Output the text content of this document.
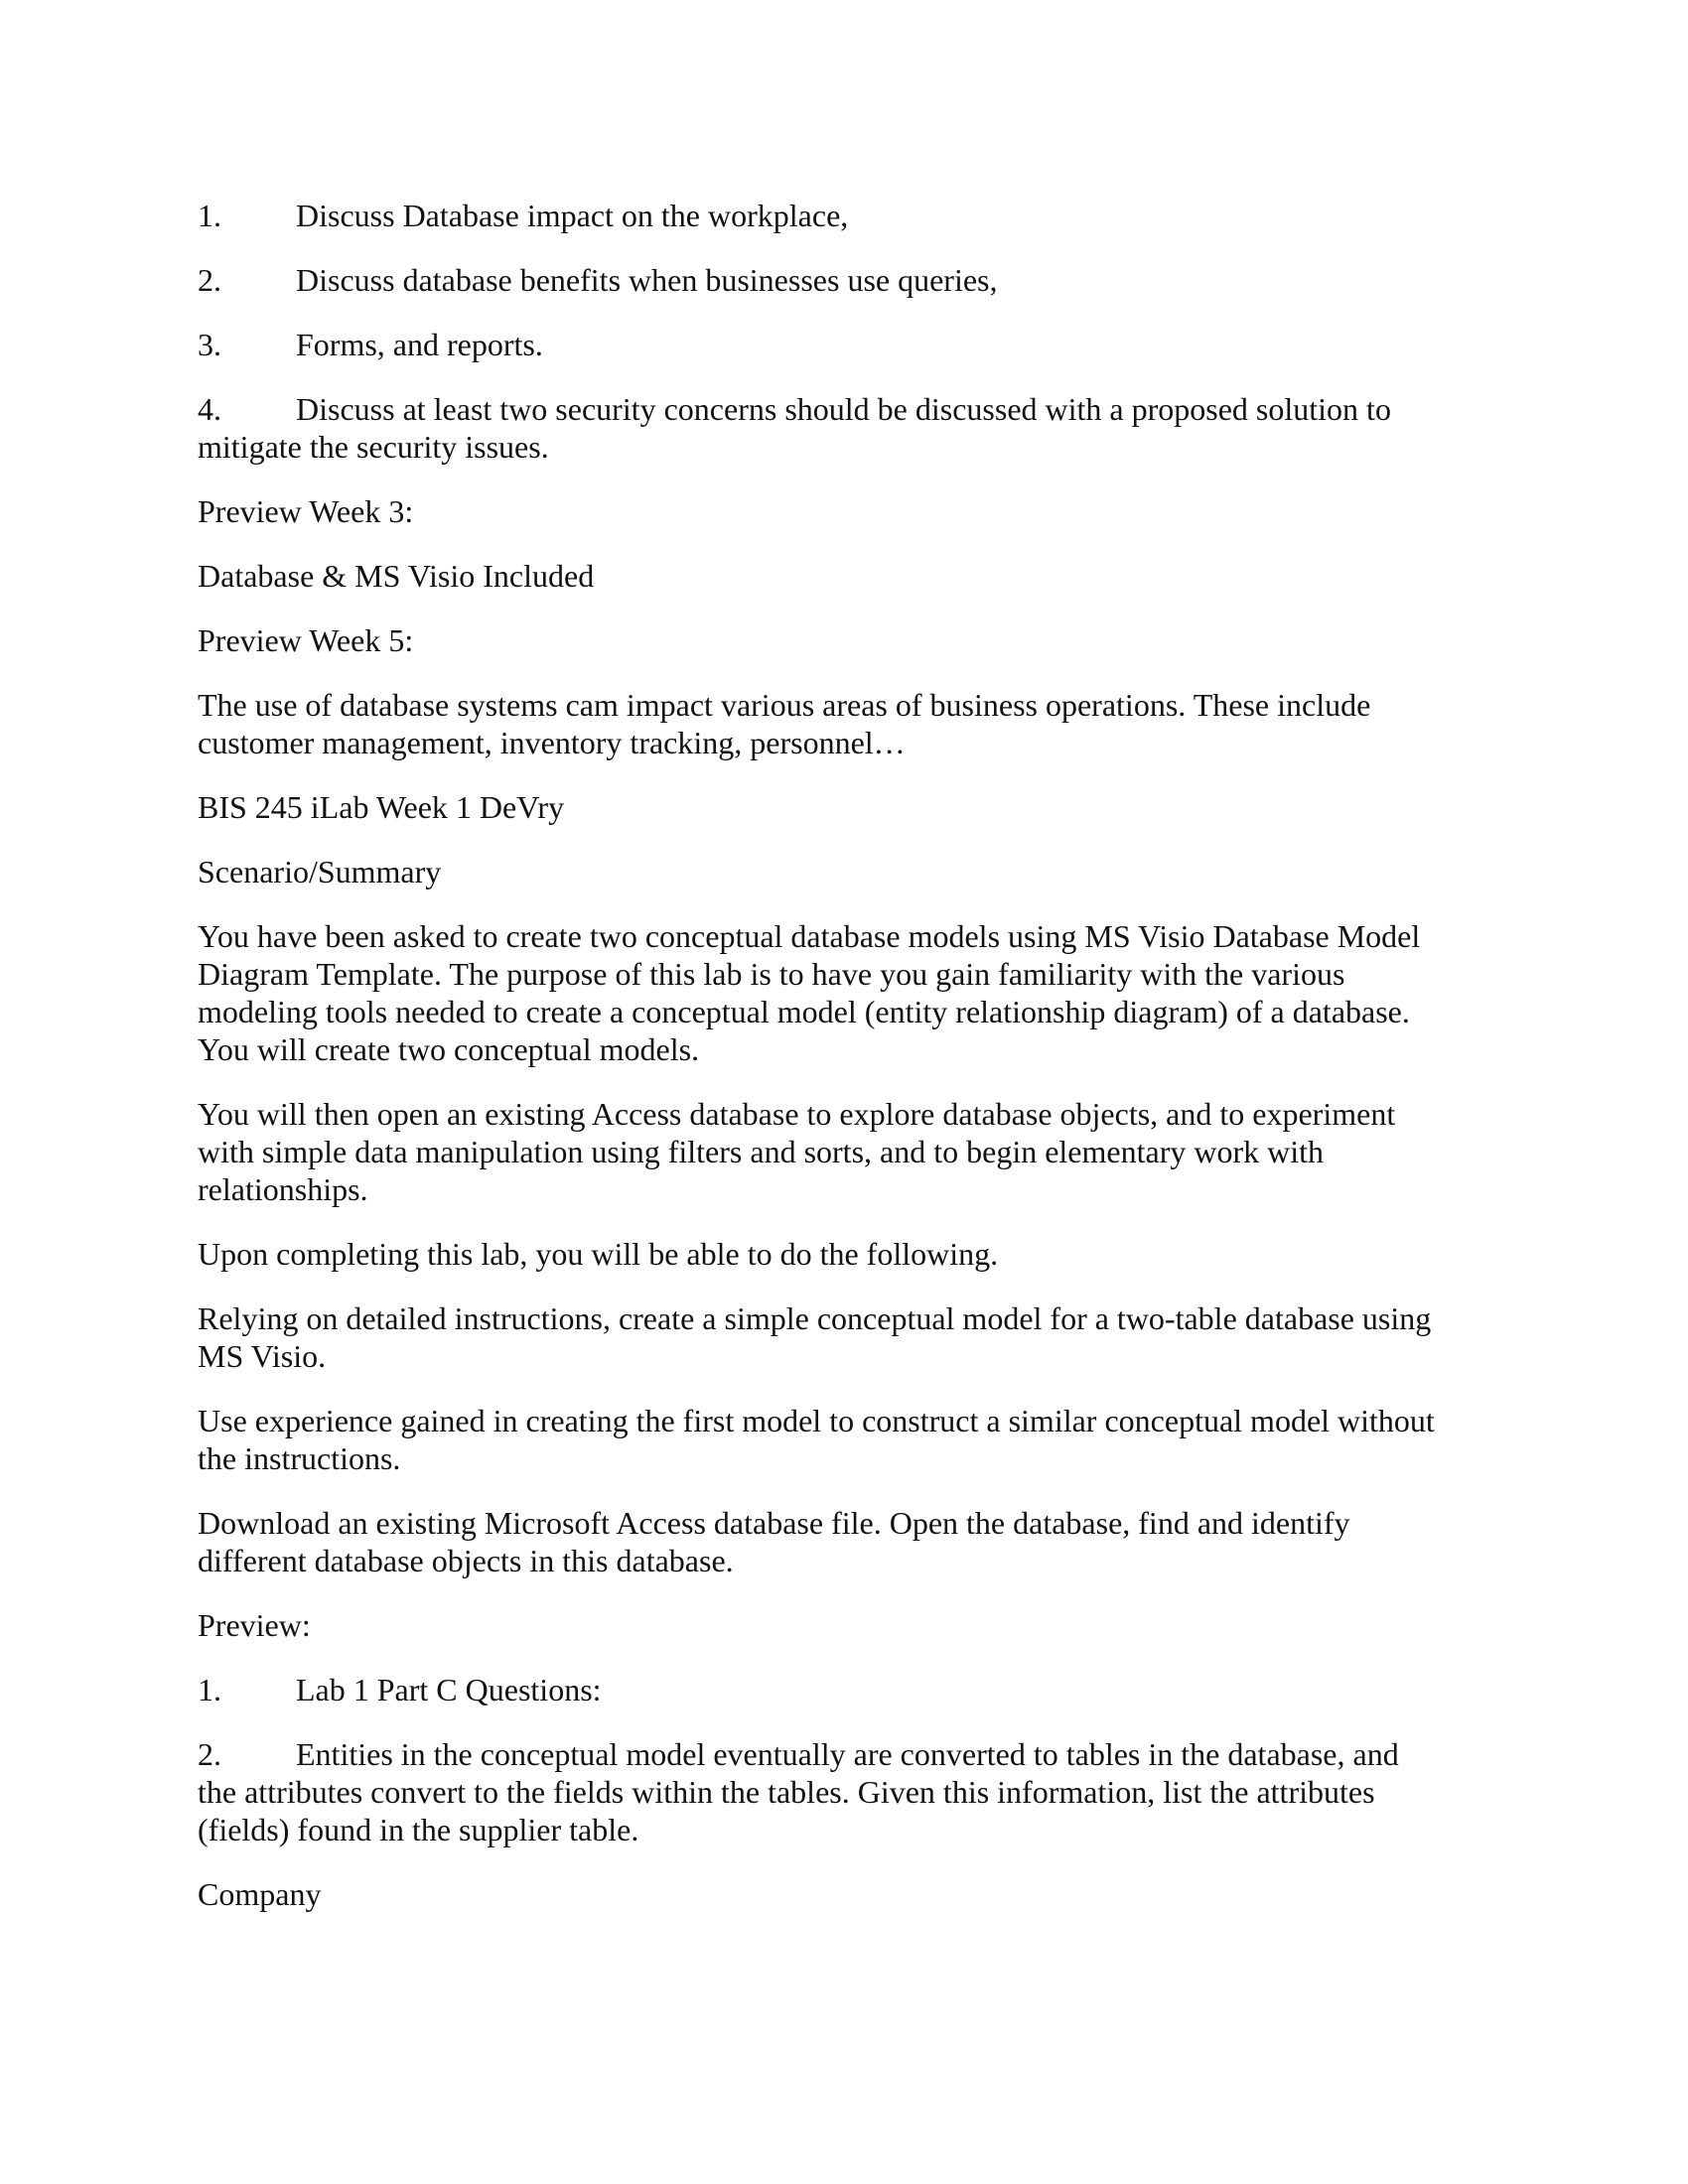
1. Discuss Database impact on the workplace,
2. Discuss database benefits when businesses use queries,
3. Forms, and reports.
4. Discuss at least two security concerns should be discussed with a proposed solution to
mitigate the security issues.
Preview Week 3:
Database & MS Visio Included
Preview Week 5:
The use of database systems cam impact various areas of business operations. These include
customer management, inventory tracking, personnel…
BIS 245 iLab Week 1 DeVry
Scenario/Summary
You have been asked to create two conceptual database models using MS Visio Database Model
Diagram Template. The purpose of this lab is to have you gain familiarity with the various
modeling tools needed to create a conceptual model (entity relationship diagram) of a database.
You will create two conceptual models.
You will then open an existing Access database to explore database objects, and to experiment
with simple data manipulation using filters and sorts, and to begin elementary work with
relationships.
Upon completing this lab, you will be able to do the following.
Relying on detailed instructions, create a simple conceptual model for a two-table database using
MS Visio.
Use experience gained in creating the first model to construct a similar conceptual model without
the instructions.
Download an existing Microsoft Access database file. Open the database, find and identify
different database objects in this database.
Preview:
1. Lab 1 Part C Questions:
2. Entities in the conceptual model eventually are converted to tables in the database, and
the attributes convert to the fields within the tables. Given this information, list the attributes
(fields) found in the supplier table.
Company
